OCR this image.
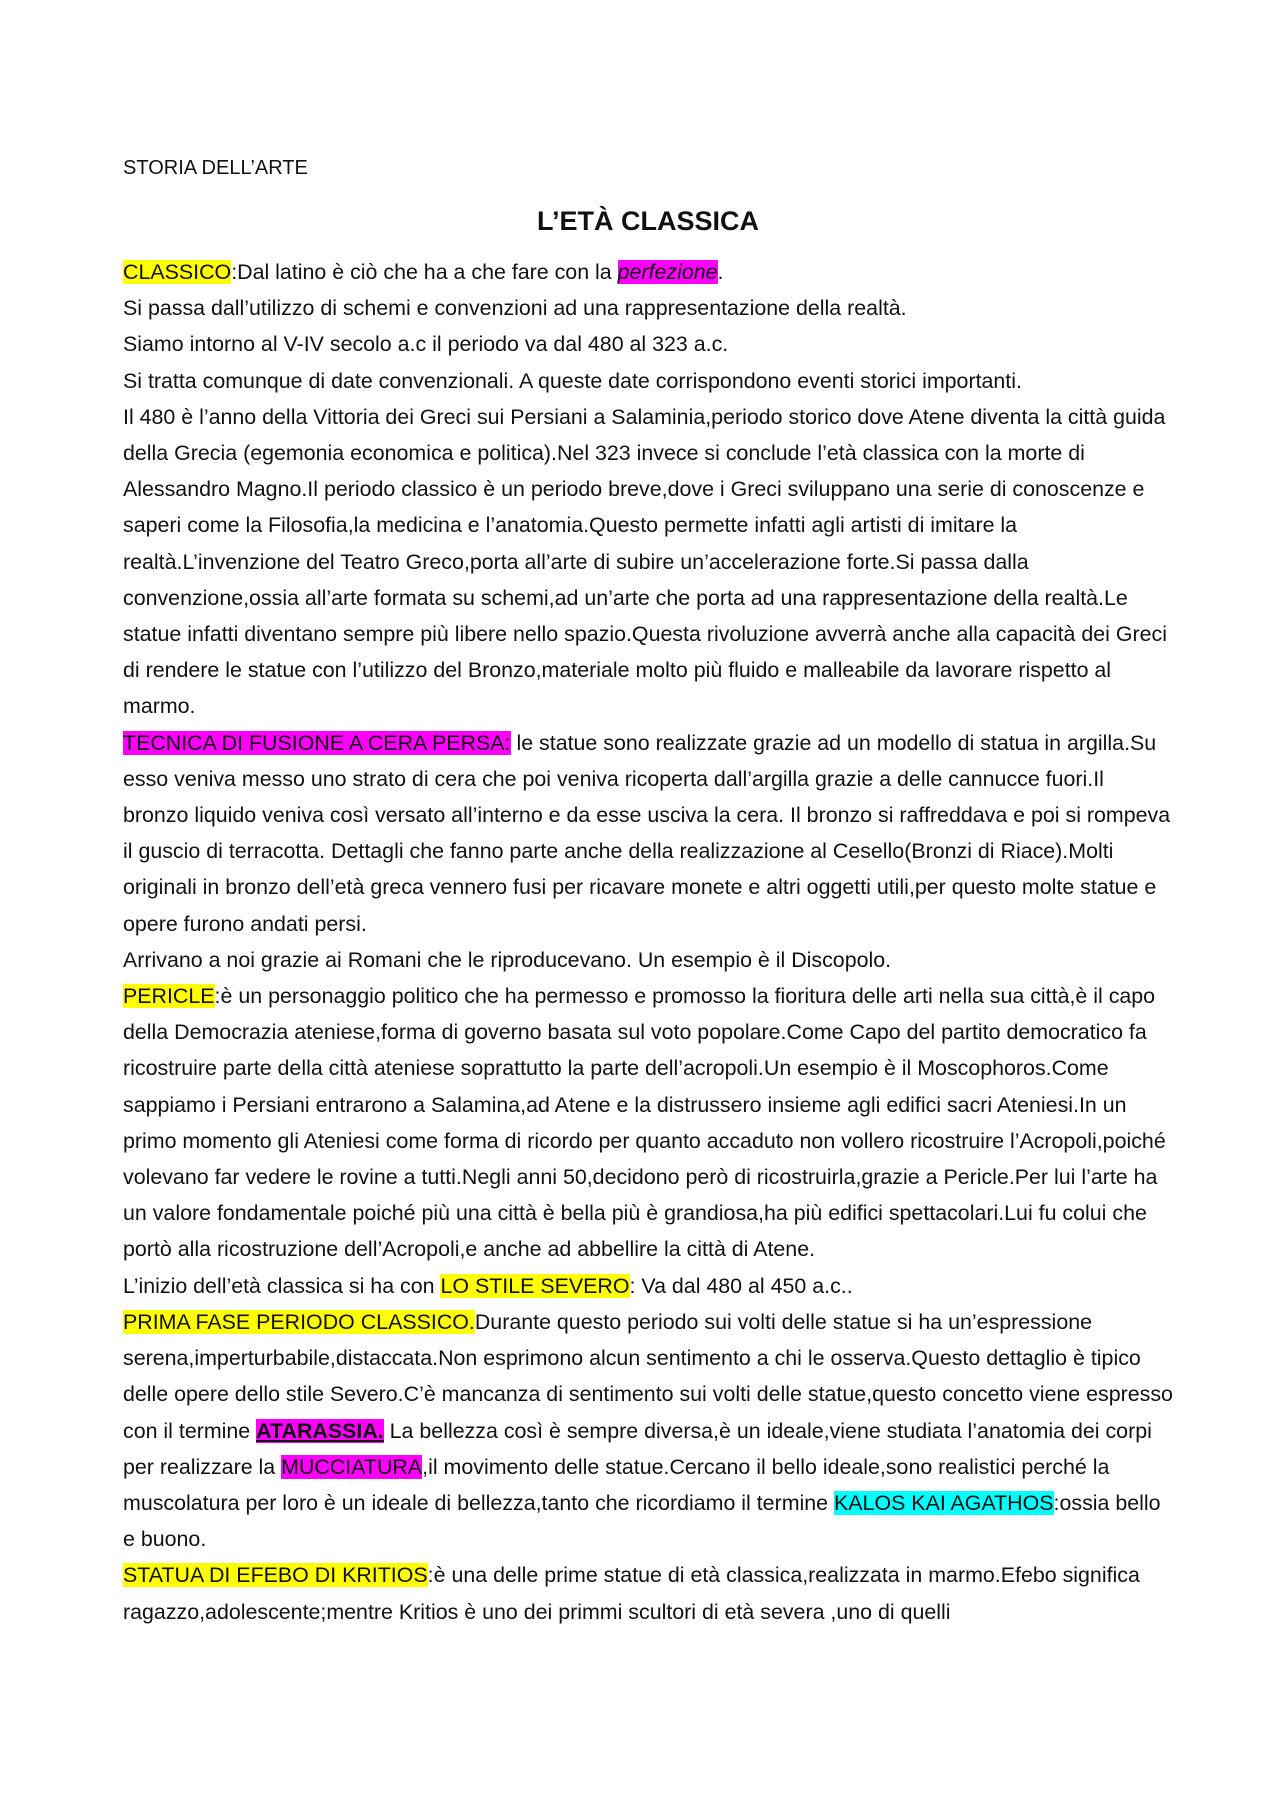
STORIA DELL’ARTE
L’ETÀ CLASSICA
CLASSICO:Dal latino è ciò che ha a che fare con la perfezione.
Si passa dall’utilizzo di schemi e convenzioni ad una rappresentazione della realtà.
Siamo intorno al V-IV secolo a.c il periodo va dal 480 al 323 a.c.
Si tratta comunque di date convenzionali. A queste date corrispondono eventi storici importanti.
Il 480 è l’anno della Vittoria dei Greci sui Persiani a Salaminia,periodo storico dove Atene diventa la città guida della Grecia (egemonia economica e politica).Nel 323 invece si conclude l’età classica con la morte di Alessandro Magno.Il periodo classico è un periodo breve,dove i Greci sviluppano una serie di conoscenze e saperi come la Filosofia,la medicina e l’anatomia.Questo permette infatti agli artisti di imitare la realtà.L’invenzione del Teatro Greco,porta all’arte di subire un’accelerazione forte.Si passa dalla convenzione,ossia all’arte formata su schemi,ad un’arte che porta ad una rappresentazione della realtà.Le statue infatti diventano sempre più libere nello spazio.Questa rivoluzione avverrà anche alla capacità dei Greci di rendere le statue con l’utilizzo del Bronzo,materiale molto più fluido e malleabile da lavorare rispetto al marmo.
TECNICA DI FUSIONE A CERA PERSA: le statue sono realizzate grazie ad un modello di statua in argilla.Su esso veniva messo uno strato di cera che poi veniva ricoperta dall’argilla grazie a delle cannucce fuori.Il bronzo liquido veniva così versato all’interno e da esse usciva la cera. Il bronzo si raffreddava e poi si rompeva il guscio di terracotta. Dettagli che fanno parte anche della realizzazione al Cesello(Bronzi di Riace).Molti originali in bronzo dell’età greca vennero fusi per ricavare monete e altri oggetti utili,per questo molte statue e opere furono andati persi.
Arrivano a noi grazie ai Romani che le riproducevano. Un esempio è il Discopolo.
PERICLE:è un personaggio politico che ha permesso e promosso la fioritura delle arti nella sua città,è il capo della Democrazia ateniese,forma di governo basata sul voto popolare.Come Capo del partito democratico fa ricostruire parte della città ateniese soprattutto la parte dell’acropoli.Un esempio è il Moscophoros.Come sappiamo i Persiani entrarono a Salamina,ad Atene e la distrussero insieme agli edifici sacri Ateniesi.In un primo momento gli Ateniesi come forma di ricordo per quanto accaduto non vollero ricostruire l’Acropoli,poiché volevano far vedere le rovine a tutti.Negli anni 50,decidono però di ricostruirla,grazie a Pericle.Per lui l’arte ha un valore fondamentale poiché più una città è bella più è grandiosa,ha più edifici spettacolari.Lui fu colui che portò alla ricostruzione dell’Acropoli,e anche ad abbellire la città di Atene.
L’inizio dell’età classica si ha con LO STILE SEVERO: Va dal 480 al 450 a.c..
PRIMA FASE PERIODO CLASSICO.Durante questo periodo sui volti delle statue si ha un’espressione serena,imperturbabile,distaccata.Non esprimono alcun sentimento a chi le osserva.Questo dettaglio è tipico delle opere dello stile Severo.C’è mancanza di sentimento sui volti delle statue,questo concetto viene espresso con il termine ATARASSIA. La bellezza così è sempre diversa,è un ideale,viene studiata l’anatomia dei corpi per realizzare la MUCCIATURA,il movimento delle statue.Cercano il bello ideale,sono realistici perché la muscolatura per loro è un ideale di bellezza,tanto che ricordiamo il termine KALOS KAI AGATHOS:ossia bello e buono.
STATUA DI EFEBO DI KRITIOS:è una delle prime statue di età classica,realizzata in marmo.Efebo significa ragazzo,adolescente;mentre Kritios è uno dei primmi scultori di età severa ,uno di quelli
